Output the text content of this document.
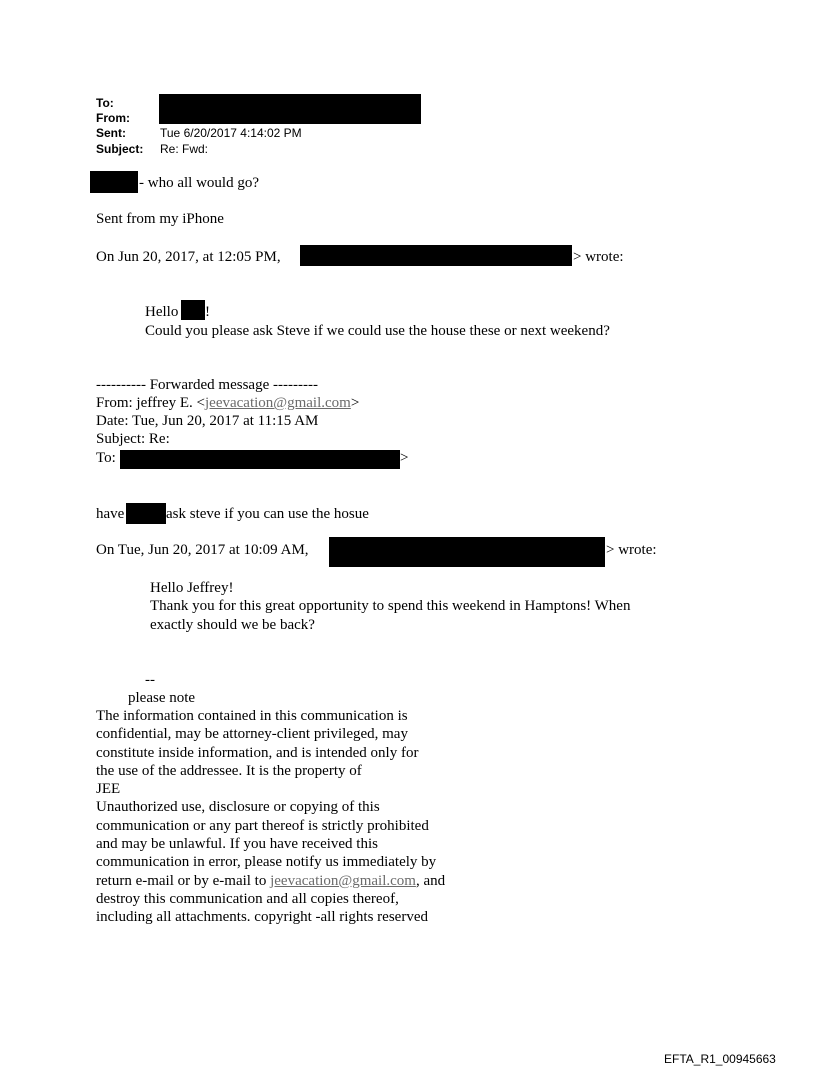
To:
From:
Sent:	Tue 6/20/2017 4:14:02 PM
Subject: Re: Fwd:
- who all would go?
Sent from my iPhone
On Jun 20, 2017, at 12:05 PM,	> wrote:
Hello !
Could you please ask Steve if we could use the house these or next weekend?
---------- Forwarded message ---------
From: jeffrey E. <jeevacation@gmail.com>
Date: Tue, Jun 20, 2017 at 11:15 AM
Subject: Re:
To:	>
have	ask steve if you can use the hosue
On Tue, Jun 20, 2017 at 10:09 AM,	> wrote:
Hello Jeffrey!
Thank you for this great opportunity to spend this weekend in Hamptons! When
exactly should we be back?
--
please note
The information contained in this communication is
confidential, may be attorney-client privileged, may
constitute inside information, and is intended only for
the use of the addressee. It is the property of
JEE
Unauthorized use, disclosure or copying of this
communication or any part thereof is strictly prohibited
and may be unlawful. If you have received this
communication in error, please notify us immediately by
return e-mail or by e-mail to jeevacation@gmail.com, and
destroy this communication and all copies thereof,
including all attachments. copyright -all rights reserved
EFTA_R1_00945663
